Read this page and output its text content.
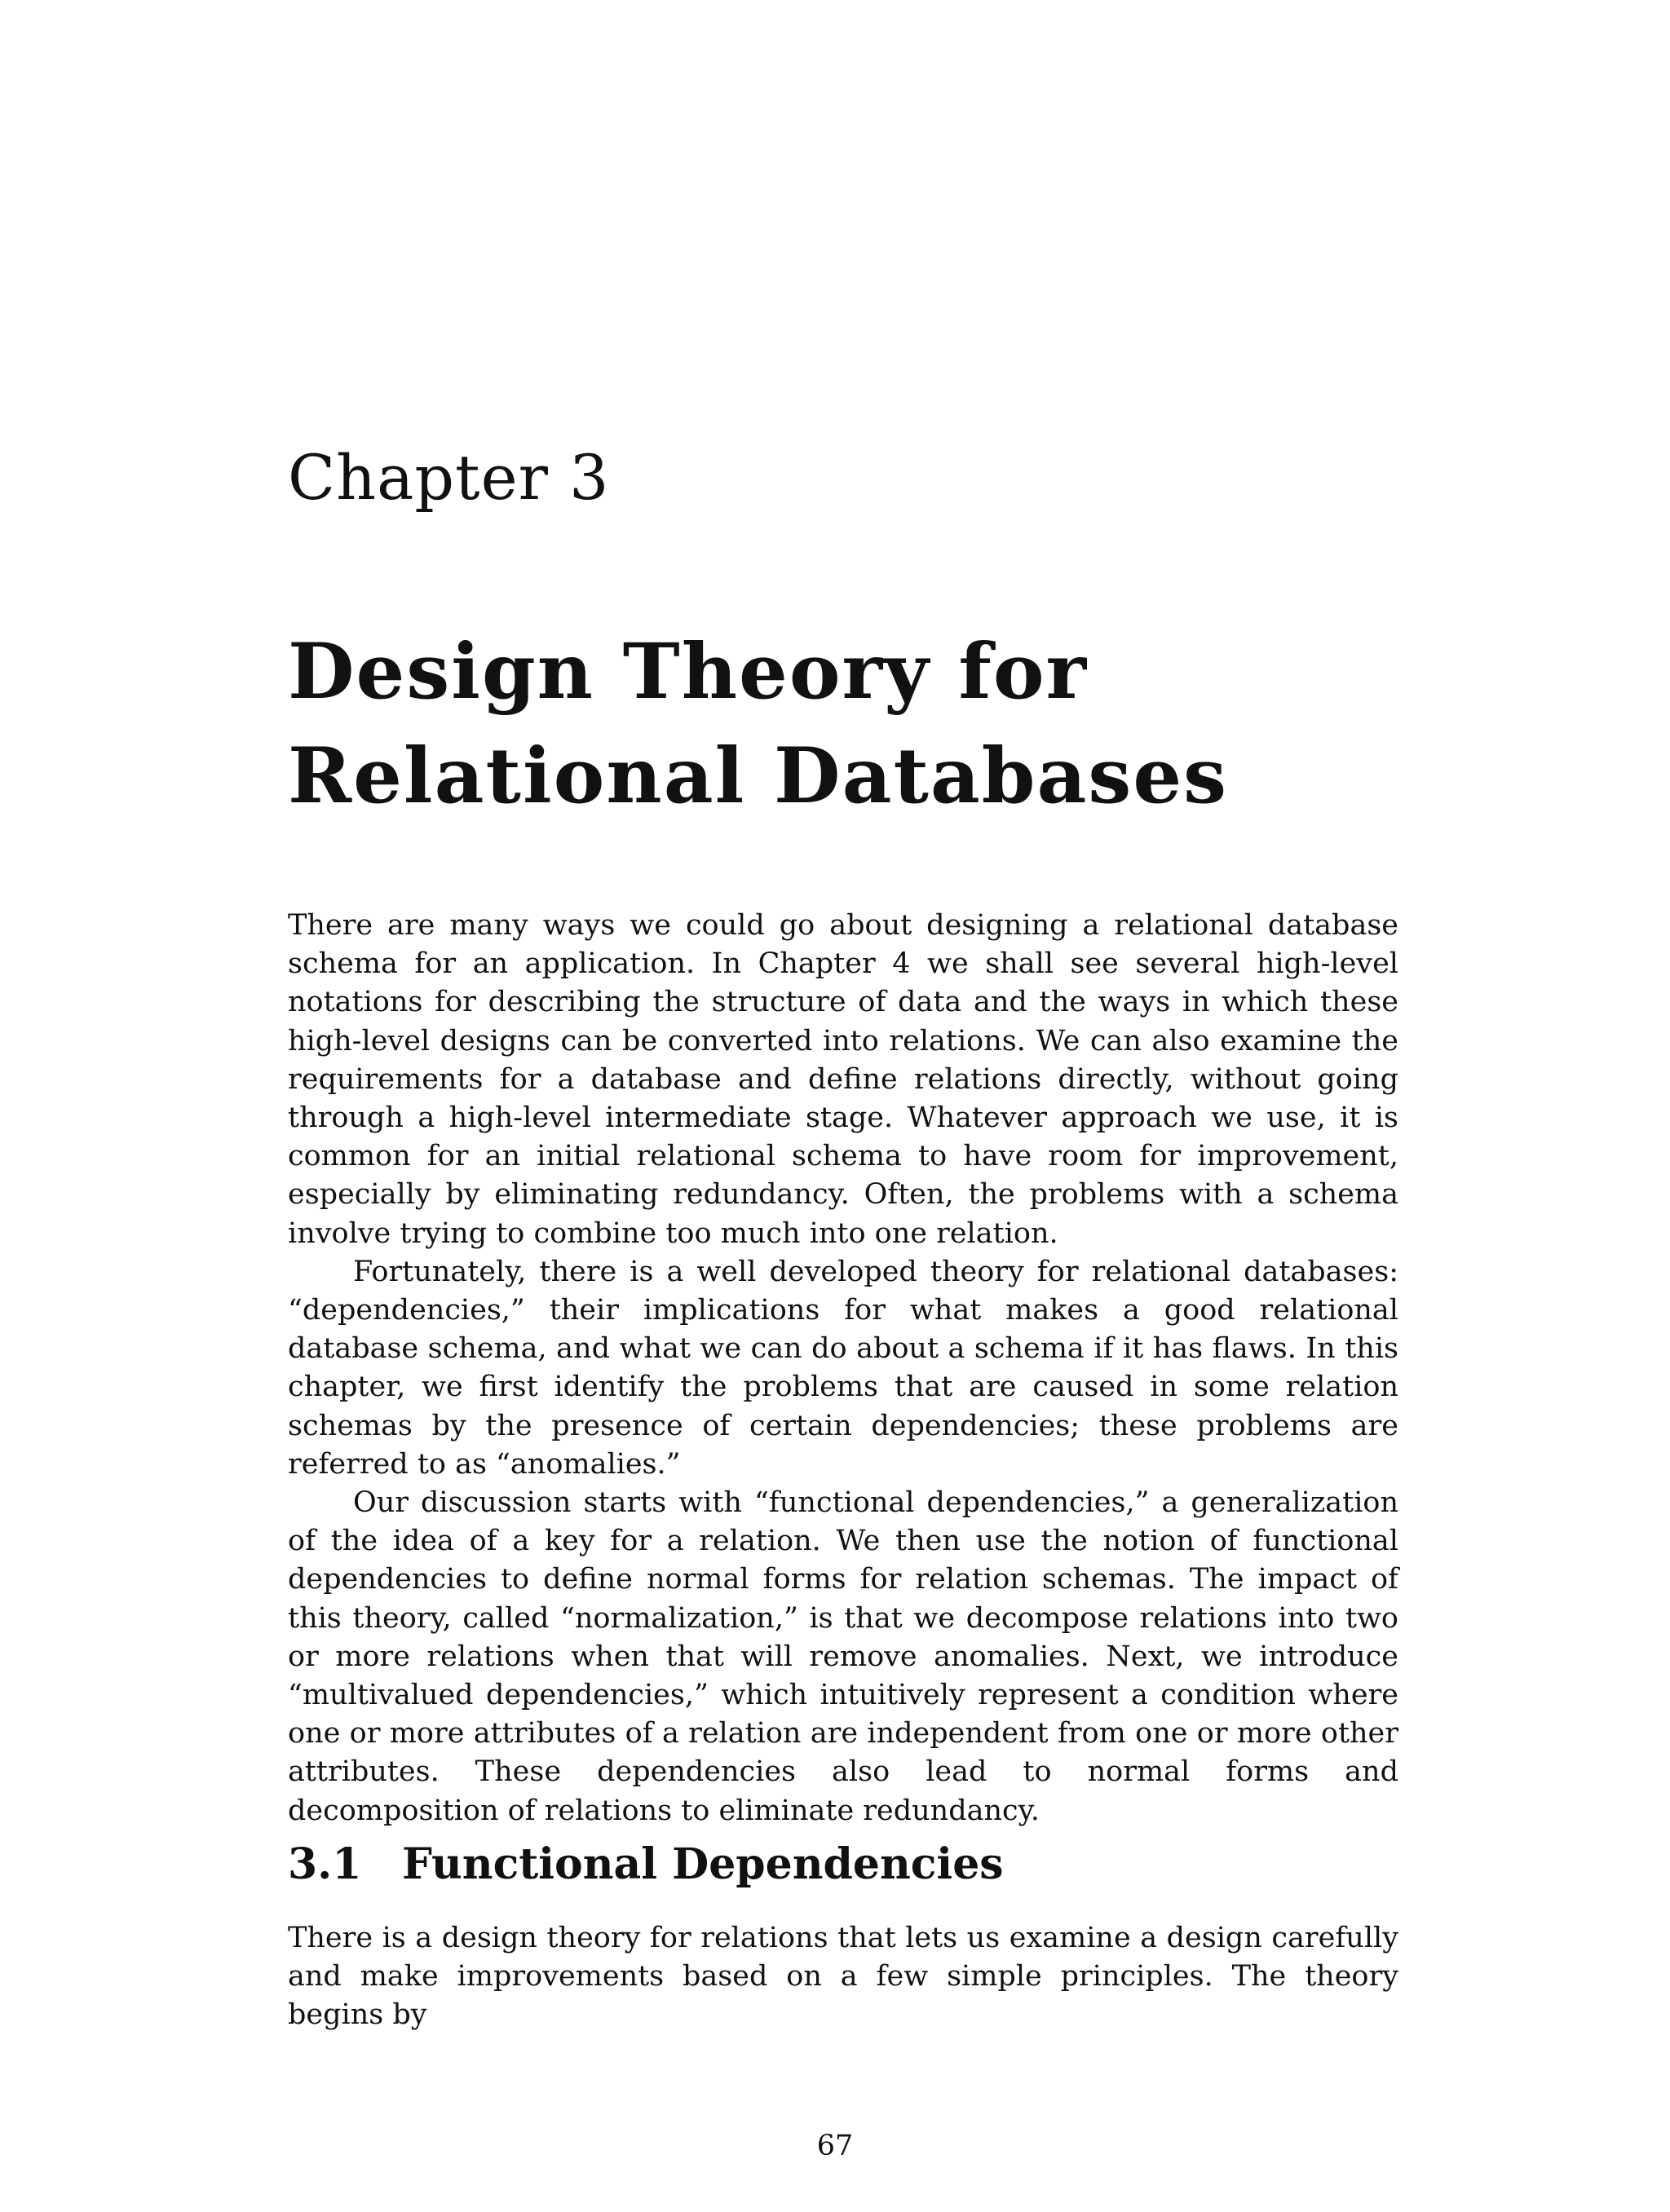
Chapter 3
Design Theory for
Relational Databases

There are many ways we could go about designing a relational database schema for an application. In Chapter 4 we shall see several high-level notations for describing the structure of data and the ways in which these high-level designs can be converted into relations. We can also examine the requirements for a database and define relations directly, without going through a high-level intermediate stage. Whatever approach we use, it is common for an initial relational schema to have room for improvement, especially by eliminating redundancy. Often, the problems with a schema involve trying to combine too much into one relation.

Fortunately, there is a well developed theory for relational databases: “dependencies,” their implications for what makes a good relational database schema, and what we can do about a schema if it has flaws. In this chapter, we first identify the problems that are caused in some relation schemas by the presence of certain dependencies; these problems are referred to as “anomalies.”

Our discussion starts with “functional dependencies,” a generalization of the idea of a key for a relation. We then use the notion of functional dependencies to define normal forms for relation schemas. The impact of this theory, called “normalization,” is that we decompose relations into two or more relations when that will remove anomalies. Next, we introduce “multivalued dependencies,” which intuitively represent a condition where one or more attributes of a relation are independent from one or more other attributes. These dependencies also lead to normal forms and decomposition of relations to eliminate redundancy.

3.1 Functional Dependencies

There is a design theory for relations that lets us examine a design carefully and make improvements based on a few simple principles. The theory begins by

67
